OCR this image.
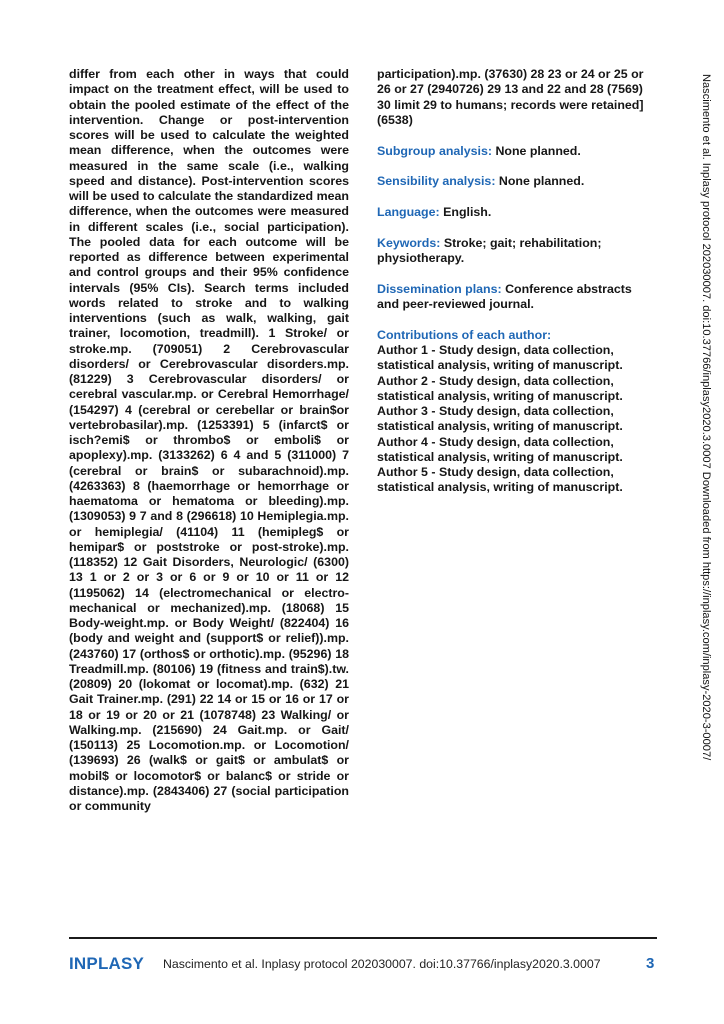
differ from each other in ways that could impact on the treatment effect, will be used to obtain the pooled estimate of the effect of the intervention. Change or post-intervention scores will be used to calculate the weighted mean difference, when the outcomes were measured in the same scale (i.e., walking speed and distance). Post-intervention scores will be used to calculate the standardized mean difference, when the outcomes were measured in different scales (i.e., social participation). The pooled data for each outcome will be reported as difference between experimental and control groups and their 95% confidence intervals (95% CIs). Search terms included words related to stroke and to walking interventions (such as walk, walking, gait trainer, locomotion, treadmill). 1 Stroke/ or stroke.mp. (709051) 2 Cerebrovascular disorders/ or Cerebrovascular disorders.mp. (81229) 3 Cerebrovascular disorders/ or cerebral vascular.mp. or Cerebral Hemorrhage/ (154297) 4 (cerebral or cerebellar or brain$or vertebrobasilar).mp. (1253391) 5 (infarct$ or isch?emi$ or thrombo$ or emboli$ or apoplexy).mp. (3133262) 6 4 and 5 (311000) 7 (cerebral or brain$ or subarachnoid).mp. (4263363) 8 (haemorrhage or hemorrhage or haematoma or hematoma or bleeding).mp. (1309053) 9 7 and 8 (296618) 10 Hemiplegia.mp. or hemiplegia/ (41104) 11 (hemipleg$ or hemipar$ or poststroke or post-stroke).mp. (118352) 12 Gait Disorders, Neurologic/ (6300) 13 1 or 2 or 3 or 6 or 9 or 10 or 11 or 12 (1195062) 14 (electromechanical or electro-mechanical or mechanized).mp. (18068) 15 Body-weight.mp. or Body Weight/ (822404) 16 (body and weight and (support$ or relief)).mp. (243760) 17 (orthos$ or orthotic).mp. (95296) 18 Treadmill.mp. (80106) 19 (fitness and train$).tw. (20809) 20 (lokomat or locomat).mp. (632) 21 Gait Trainer.mp. (291) 22 14 or 15 or 16 or 17 or 18 or 19 or 20 or 21 (1078748) 23 Walking/ or Walking.mp. (215690) 24 Gait.mp. or Gait/ (150113) 25 Locomotion.mp. or Locomotion/ (139693) 26 (walk$ or gait$ or ambulat$ or mobil$ or locomotor$ or balanc$ or stride or distance).mp. (2843406) 27 (social participation or community

participation).mp. (37630) 28 23 or 24 or 25 or 26 or 27 (2940726) 29 13 and 22 and 28 (7569) 30 limit 29 to humans; records were retained] (6538)

Subgroup analysis: None planned.

Sensibility analysis: None planned.

Language: English.

Keywords: Stroke; gait; rehabilitation; physiotherapy.

Dissemination plans: Conference abstracts and peer-reviewed journal.

Contributions of each author:
Author 1 - Study design, data collection, statistical analysis, writing of manuscript.
Author 2 - Study design, data collection, statistical analysis, writing of manuscript.
Author 3 - Study design, data collection, statistical analysis, writing of manuscript.
Author 4 - Study design, data collection, statistical analysis, writing of manuscript.
Author 5 - Study design, data collection, statistical analysis, writing of manuscript.	Nascimento et al. Inplasy protocol 202030007. doi:10.37766/inplasy2020.3.0007 Downloaded from https://inplasy.com/inplasy-2020-3-0007/
INPLASY Nascimento et al. Inplasy protocol 202030007. doi:10.37766/inplasy2020.3.0007	3
